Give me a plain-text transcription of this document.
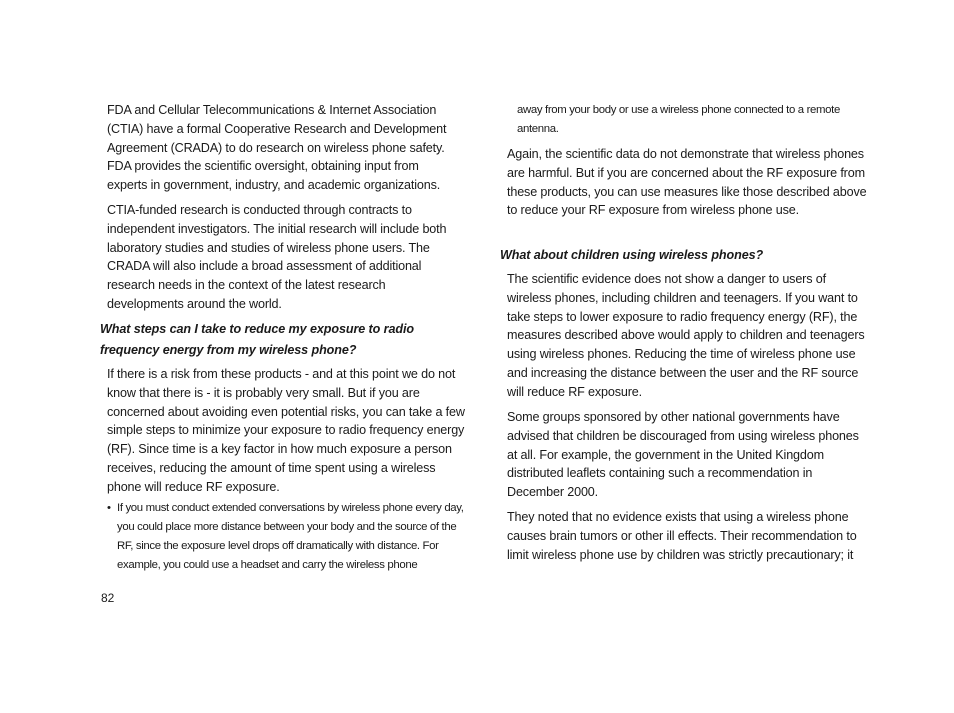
FDA and Cellular Telecommunications & Internet Association (CTIA) have a formal Cooperative Research and Development Agreement (CRADA) to do research on wireless phone safety. FDA provides the scientific oversight, obtaining input from experts in government, industry, and academic organizations.

CTIA-funded research is conducted through contracts to independent investigators. The initial research will include both laboratory studies and studies of wireless phone users. The CRADA will also include a broad assessment of additional research needs in the context of the latest research developments around the world.

What steps can I take to reduce my exposure to radio frequency energy from my wireless phone?

If there is a risk from these products - and at this point we do not know that there is - it is probably very small. But if you are concerned about avoiding even potential risks, you can take a few simple steps to minimize your exposure to radio frequency energy (RF). Since time is a key factor in how much exposure a person receives, reducing the amount of time spent using a wireless phone will reduce RF exposure.

• If you must conduct extended conversations by wireless phone every day, you could place more distance between your body and the source of the RF, since the exposure level drops off dramatically with distance. For example, you could use a headset and carry the wireless phone

away from your body or use a wireless phone connected to a remote antenna.

Again, the scientific data do not demonstrate that wireless phones are harmful. But if you are concerned about the RF exposure from these products, you can use measures like those described above to reduce your RF exposure from wireless phone use.

What about children using wireless phones?

The scientific evidence does not show a danger to users of wireless phones, including children and teenagers. If you want to take steps to lower exposure to radio frequency energy (RF), the measures described above would apply to children and teenagers using wireless phones. Reducing the time of wireless phone use and increasing the distance between the user and the RF source will reduce RF exposure.

Some groups sponsored by other national governments have advised that children be discouraged from using wireless phones at all. For example, the government in the United Kingdom distributed leaflets containing such a recommendation in December 2000.

They noted that no evidence exists that using a wireless phone causes brain tumors or other ill effects. Their recommendation to limit wireless phone use by children was strictly precautionary; it

82
